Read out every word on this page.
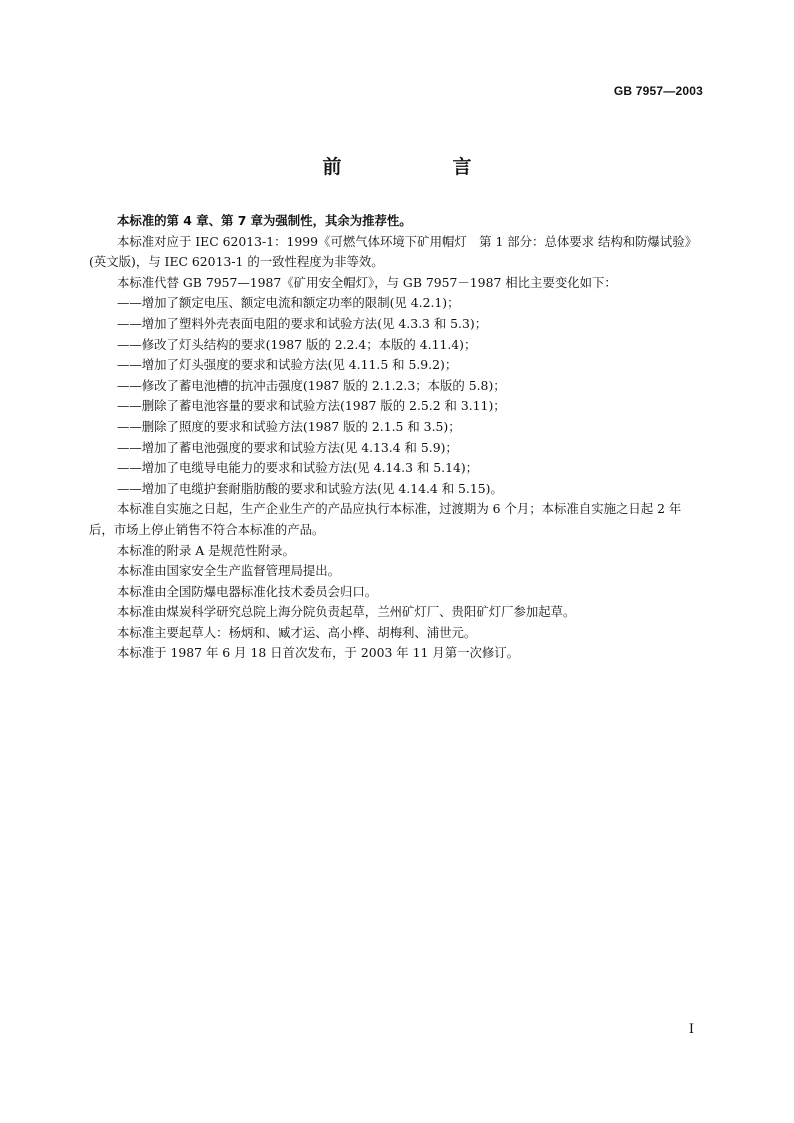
GB 7957—2003
前　言

本标准的第 4 章、第 7 章为强制性，其余为推荐性。

本标准对应于 IEC 62013-1：1999《可燃气体环境下矿用帽灯　第 1 部分：总体要求 结构和防爆试验》(英文版)，与 IEC 62013-1 的一致性程度为非等效。

本标准代替 GB 7957—1987《矿用安全帽灯》，与 GB 7957－1987 相比主要变化如下：

——增加了额定电压、额定电流和额定功率的限制(见 4.2.1)；

——增加了塑料外壳表面电阻的要求和试验方法(见 4.3.3 和 5.3)；

——修改了灯头结构的要求(1987 版的 2.2.4；本版的 4.11.4)；

——增加了灯头强度的要求和试验方法(见 4.11.5 和 5.9.2)；

——修改了蓄电池槽的抗冲击强度(1987 版的 2.1.2.3；本版的 5.8)；

——删除了蓄电池容量的要求和试验方法(1987 版的 2.5.2 和 3.11)；

——删除了照度的要求和试验方法(1987 版的 2.1.5 和 3.5)；

——增加了蓄电池强度的要求和试验方法(见 4.13.4 和 5.9)；

——增加了电缆导电能力的要求和试验方法(见 4.14.3 和 5.14)；

——增加了电缆护套耐脂肪酸的要求和试验方法(见 4.14.4 和 5.15)。

本标准自实施之日起，生产企业生产的产品应执行本标准，过渡期为 6 个月；本标准自实施之日起 2 年后，市场上停止销售不符合本标准的产品。

本标准的附录 A 是规范性附录。

本标准由国家安全生产监督管理局提出。

本标准由全国防爆电器标准化技术委员会归口。

本标准由煤炭科学研究总院上海分院负责起草，兰州矿灯厂、贵阳矿灯厂参加起草。

本标准主要起草人：杨炳和、臧才运、高小桦、胡梅利、浦世元。

本标准于 1987 年 6 月 18 日首次发布，于 2003 年 11 月第一次修订。

I
